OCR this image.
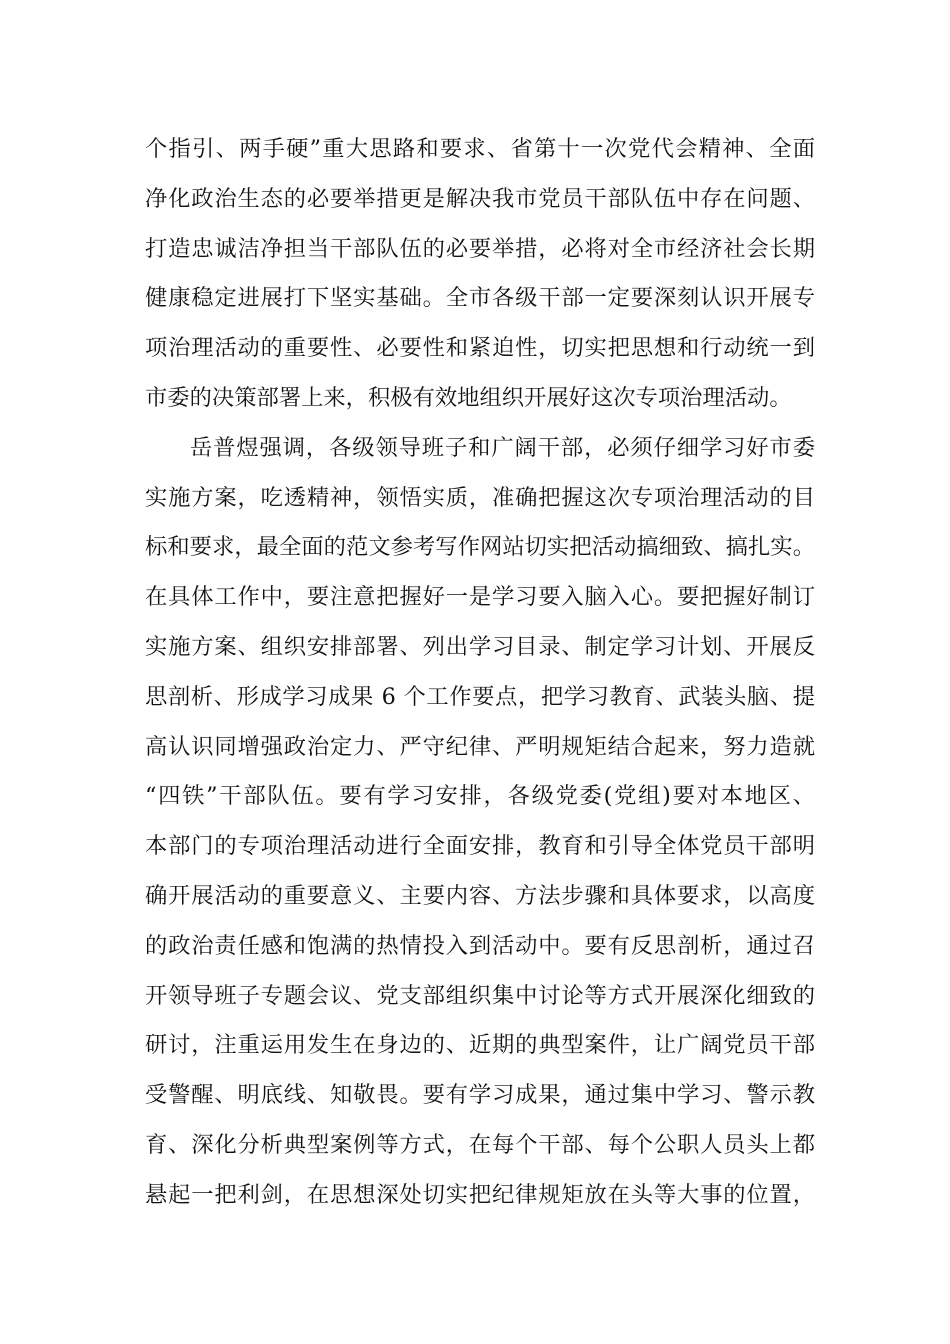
个指引、两手硬”重大思路和要求、省第十一次党代会精神、全面

净化政治生态的必要举措更是解决我市党员干部队伍中存在问题、

打造忠诚洁净担当干部队伍的必要举措，必将对全市经济社会长期

健康稳定进展打下坚实基础。全市各级干部一定要深刻认识开展专

项治理活动的重要性、必要性和紧迫性，切实把思想和行动统一到

市委的决策部署上来，积极有效地组织开展好这次专项治理活动。

岳普煜强调，各级领导班子和广阔干部，必须仔细学习好市委

实施方案，吃透精神，领悟实质，准确把握这次专项治理活动的目

标和要求，最全面的范文参考写作网站切实把活动搞细致、搞扎实。

在具体工作中，要注意把握好一是学习要入脑入心。要把握好制订

实施方案、组织安排部署、列出学习目录、制定学习计划、开展反

思剖析、形成学习成果 6 个工作要点，把学习教育、武装头脑、提

高认识同增强政治定力、严守纪律、严明规矩结合起来，努力造就

“四铁”干部队伍。要有学习安排，各级党委(党组)要对本地区、

本部门的专项治理活动进行全面安排，教育和引导全体党员干部明

确开展活动的重要意义、主要内容、方法步骤和具体要求，以高度

的政治责任感和饱满的热情投入到活动中。要有反思剖析，通过召

开领导班子专题会议、党支部组织集中讨论等方式开展深化细致的

研讨，注重运用发生在身边的、近期的典型案件，让广阔党员干部

受警醒、明底线、知敬畏。要有学习成果，通过集中学习、警示教

育、深化分析典型案例等方式，在每个干部、每个公职人员头上都

悬起一把利剑，在思想深处切实把纪律规矩放在头等大事的位置，
